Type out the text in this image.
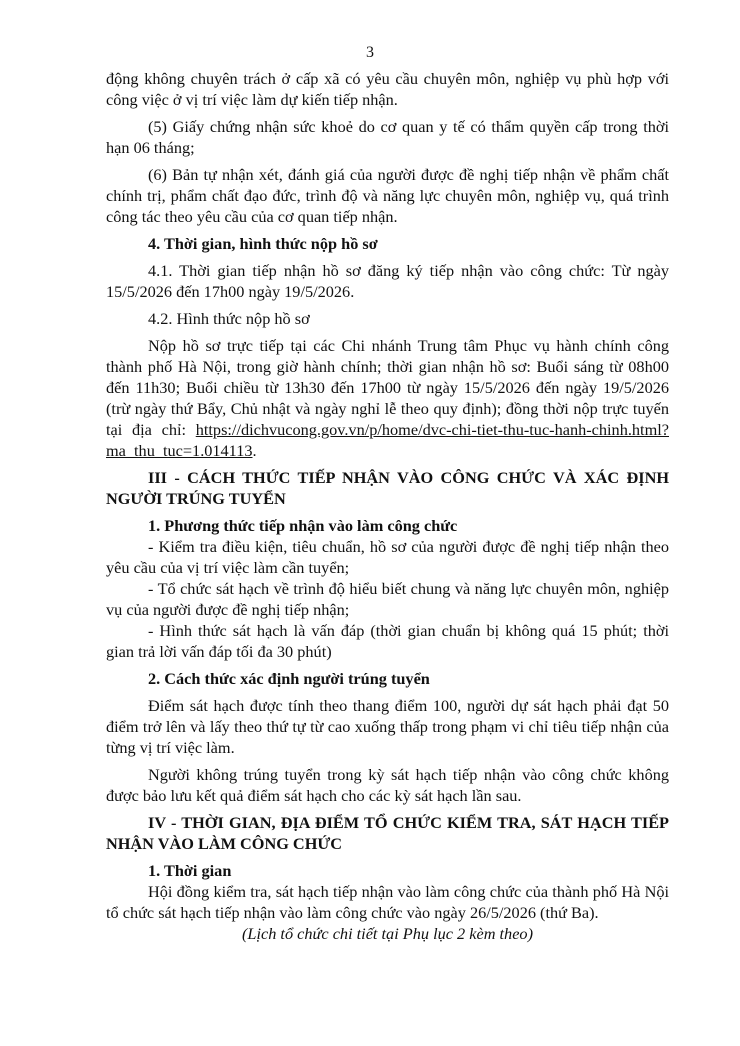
3

động không chuyên trách ở cấp xã có yêu cầu chuyên môn, nghiệp vụ phù hợp với công việc ở vị trí việc làm dự kiến tiếp nhận.

(5) Giấy chứng nhận sức khoẻ do cơ quan y tế có thẩm quyền cấp trong thời hạn 06 tháng;

(6) Bản tự nhận xét, đánh giá của người được đề nghị tiếp nhận về phẩm chất chính trị, phẩm chất đạo đức, trình độ và năng lực chuyên môn, nghiệp vụ, quá trình công tác theo yêu cầu của cơ quan tiếp nhận.

4. Thời gian, hình thức nộp hồ sơ

4.1. Thời gian tiếp nhận hồ sơ đăng ký tiếp nhận vào công chức: Từ ngày 15/5/2026 đến 17h00 ngày 19/5/2026.

4.2. Hình thức nộp hồ sơ

Nộp hồ sơ trực tiếp tại các Chi nhánh Trung tâm Phục vụ hành chính công thành phố Hà Nội, trong giờ hành chính; thời gian nhận hồ sơ: Buổi sáng từ 08h00 đến 11h30; Buổi chiều từ 13h30 đến 17h00 từ ngày 15/5/2026 đến ngày 19/5/2026 (trừ ngày thứ Bẩy, Chủ nhật và ngày nghỉ lễ theo quy định); đồng thời nộp trực tuyến tại địa chỉ: https://dichvucong.gov.vn/p/home/dvc-chi-tiet-thu-tuc-hanh-chinh.html?ma_thu_tuc=1.014113.

III - CÁCH THỨC TIẾP NHẬN VÀO CÔNG CHỨC VÀ XÁC ĐỊNH NGƯỜI TRÚNG TUYỂN

1. Phương thức tiếp nhận vào làm công chức

- Kiểm tra điều kiện, tiêu chuẩn, hồ sơ của người được đề nghị tiếp nhận theo yêu cầu của vị trí việc làm cần tuyển;

- Tổ chức sát hạch về trình độ hiểu biết chung và năng lực chuyên môn, nghiệp vụ của người được đề nghị tiếp nhận;

- Hình thức sát hạch là vấn đáp (thời gian chuẩn bị không quá 15 phút; thời gian trả lời vấn đáp tối đa 30 phút)

2. Cách thức xác định người trúng tuyển

Điểm sát hạch được tính theo thang điểm 100, người dự sát hạch phải đạt 50 điểm trở lên và lấy theo thứ tự từ cao xuống thấp trong phạm vi chỉ tiêu tiếp nhận của từng vị trí việc làm.

Người không trúng tuyển trong kỳ sát hạch tiếp nhận vào công chức không được bảo lưu kết quả điểm sát hạch cho các kỳ sát hạch lần sau.

IV - THỜI GIAN, ĐỊA ĐIỂM TỔ CHỨC KIỂM TRA, SÁT HẠCH TIẾP NHẬN VÀO LÀM CÔNG CHỨC

1. Thời gian

Hội đồng kiểm tra, sát hạch tiếp nhận vào làm công chức của thành phố Hà Nội tổ chức sát hạch tiếp nhận vào làm công chức vào ngày 26/5/2026 (thứ Ba).

(Lịch tổ chức chi tiết tại Phụ lục 2 kèm theo)
